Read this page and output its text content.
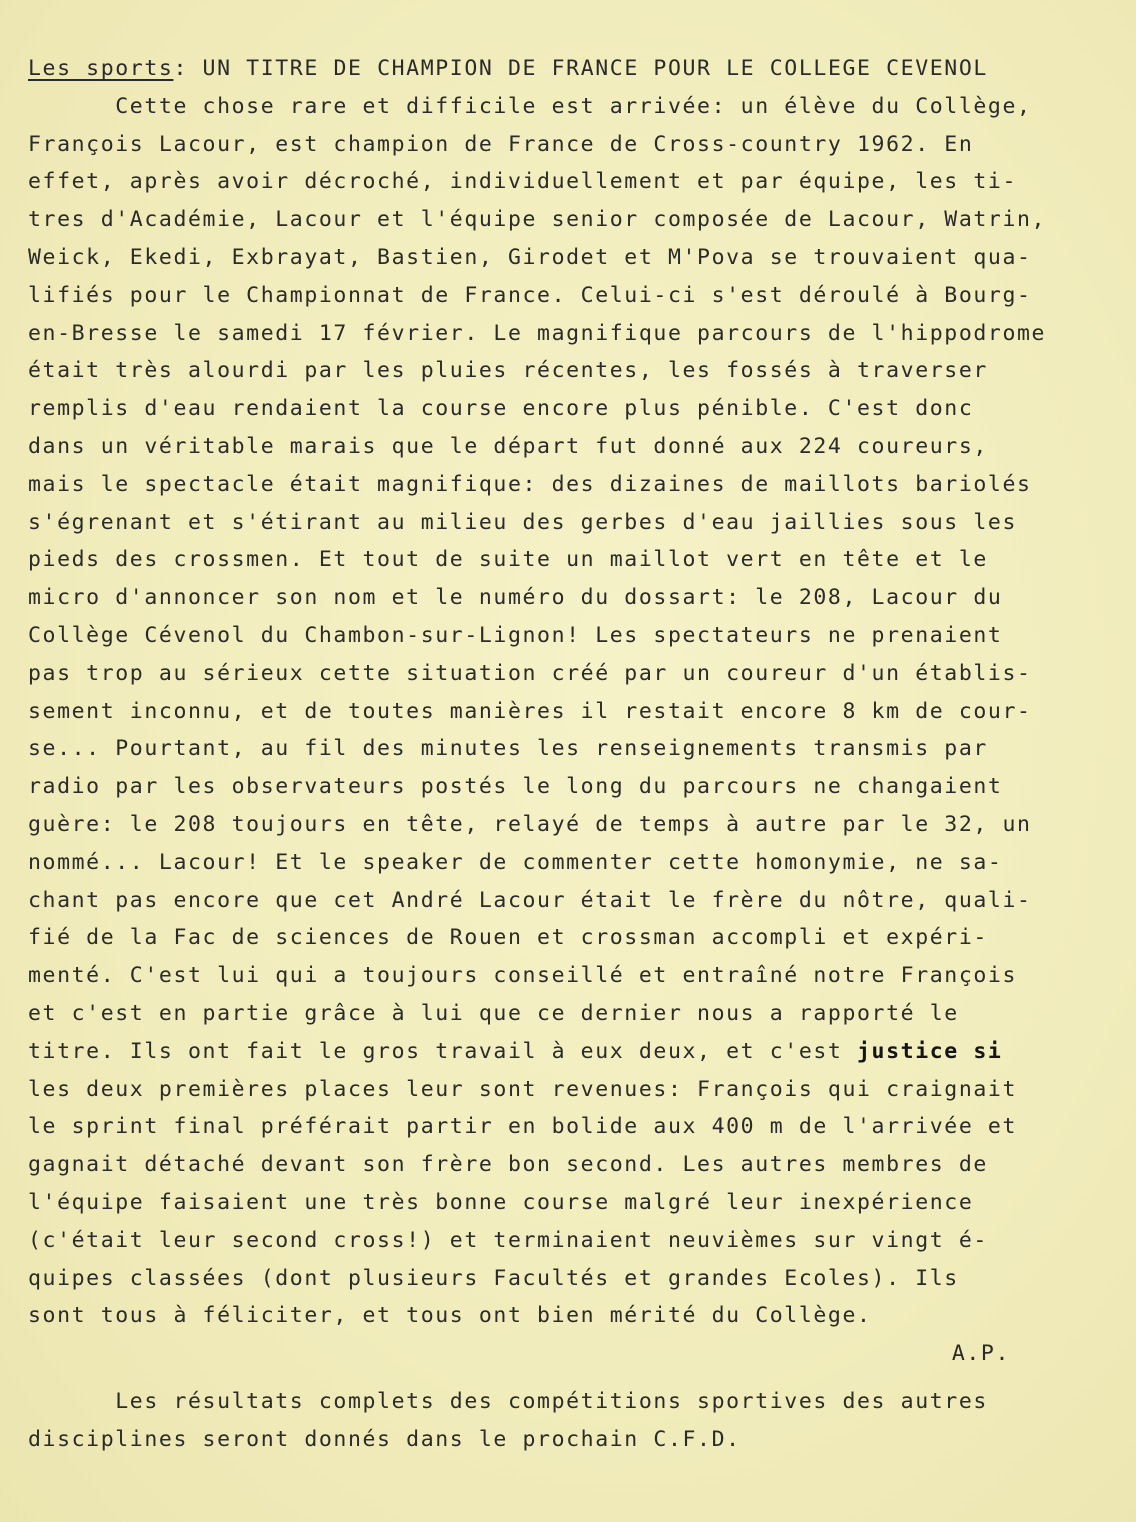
Les sports: UN TITRE DE CHAMPION DE FRANCE POUR LE COLLEGE CEVENOL
Cette chose rare et difficile est arrivée: un élève du Collège,
François Lacour, est champion de France de Cross-country 1962. En
effet, après avoir décroché, individuellement et par équipe, les ti-
tres d'Académie, Lacour et l'équipe senior composée de Lacour, Watrin,
Weick, Ekedi, Exbrayat, Bastien, Girodet et M'Pova se trouvaient qua-
lifiés pour le Championnat de France. Celui-ci s'est déroulé à Bourg-
en-Bresse le samedi 17 février. Le magnifique parcours de l'hippodrome
était très alourdi par les pluies récentes, les fossés à traverser
remplis d'eau rendaient la course encore plus pénible. C'est donc
dans un véritable marais que le départ fut donné aux 224 coureurs,
mais le spectacle était magnifique: des dizaines de maillots bariolés
s'égrenant et s'étirant au milieu des gerbes d'eau jaillies sous les
pieds des crossmen. Et tout de suite un maillot vert en tête et le
micro d'annoncer son nom et le numéro du dossart: le 208, Lacour du
Collège Cévenol du Chambon-sur-Lignon! Les spectateurs ne prenaient
pas trop au sérieux cette situation créé par un coureur d'un établis-
sement inconnu, et de toutes manières il restait encore 8 km de cour-
se... Pourtant, au fil des minutes les renseignements transmis par
radio par les observateurs postés le long du parcours ne changaient
guère: le 208 toujours en tête, relayé de temps à autre par le 32, un
nommé... Lacour! Et le speaker de commenter cette homonymie, ne sa-
chant pas encore que cet André Lacour était le frère du nôtre, quali-
fié de la Fac de sciences de Rouen et crossman accompli et expéri-
menté. C'est lui qui a toujours conseillé et entraîné notre François
et c'est en partie grâce à lui que ce dernier nous a rapporté le
titre. Ils ont fait le gros travail à eux deux, et c'est justice si
les deux premières places leur sont revenues: François qui craignait
le sprint final préférait partir en bolide aux 400 m de l'arrivée et
gagnait détaché devant son frère bon second. Les autres membres de
l'équipe faisaient une très bonne course malgré leur inexpérience
(c'était leur second cross!) et terminaient neuvièmes sur vingt é-
quipes classées (dont plusieurs Facultés et grandes Ecoles). Ils
sont tous à féliciter, et tous ont bien mérité du Collège.
A.P.
Les résultats complets des compétitions sportives des autres
disciplines seront donnés dans le prochain C.F.D.
